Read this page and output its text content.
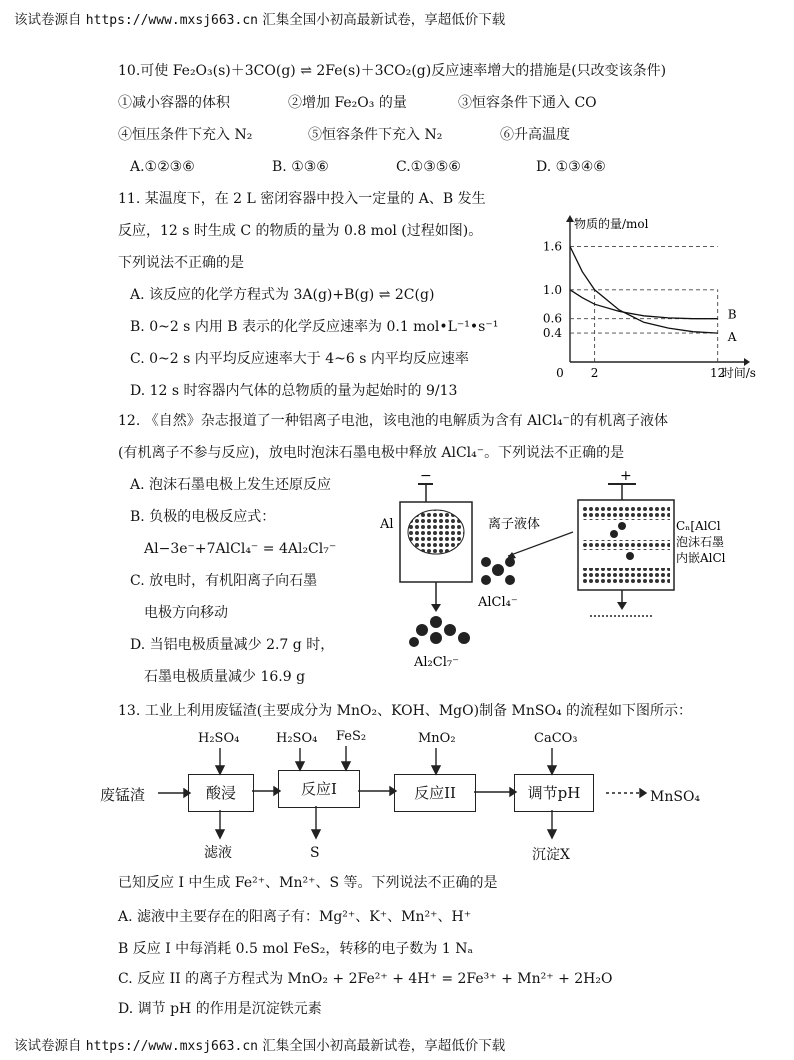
该试卷源自 https://www.mxsj663.cn 汇集全国小初高最新试卷，享超低价下载
该试卷源自 https://www.mxsj663.cn 汇集全国小初高最新试卷，享超低价下载
10.可使 Fe₂O₃(s)＋3CO(g) ⇌ 2Fe(s)＋3CO₂(g)反应速率增大的措施是(只改变该条件)
①减小容器的体积	②增加 Fe₂O₃ 的量	③恒容条件下通入 CO
④恒压条件下充入 N₂	⑤恒容条件下充入 N₂	⑥升高温度
A.①②③⑥	B. ①③⑥	C.①③⑤⑥	D. ①③④⑥
11. 某温度下，在 2 L 密闭容器中投入一定量的 A、B 发生
反应，12 s 时生成 C 的物质的量为 0.8 mol (过程如图)。
下列说法不正确的是
A. 该反应的化学方程式为 3A(g)+B(g) ⇌ 2C(g)
B. 0~2 s 内用 B 表示的化学反应速率为 0.1 mol•L⁻¹•s⁻¹
C. 0~2 s 内平均反应速率大于 4~6 s 内平均反应速率
D. 12 s 时容器内气体的总物质的量为起始时的 9/13
1.6
1.0
0.6
0.4
0 2	12
A
B
物质的量/mol
时间/s
12. 《自然》杂志报道了一种铝离子电池，该电池的电解质为含有 AlCl₄⁻的有机离子液体
(有机离子不参与反应)，放电时泡沫石墨电极中释放 AlCl₄⁻。下列说法不正确的是
A. 泡沫石墨电极上发生还原反应
B. 负极的电极反应式：
Al−3e⁻+7AlCl₄⁻ = 4Al₂Cl₇⁻
C. 放电时，有机阳离子向石墨
电极方向移动
D. 当铝电极质量减少 2.7 g 时，
石墨电极质量减少 16.9 g
−
Al
Al₂Cl₇⁻
离子液体
AlCl₄⁻
+
Cₙ[AlCl
泡沫石墨
内嵌AlCl
13. 工业上利用废锰渣(主要成分为 MnO₂、KOH、MgO)制备 MnSO₄ 的流程如下图所示：
H₂SO₄	H₂SO₄ FeS₂	MnO₂	CaCO₃
废锰渣	酸浸	反应I	反应II	调节pH	MnSO₄
滤液	S	沉淀X
已知反应 I 中生成 Fe²⁺、Mn²⁺、S 等。下列说法不正确的是
A. 滤液中主要存在的阳离子有：Mg²⁺、K⁺、Mn²⁺、H⁺
B 反应 I 中每消耗 0.5 mol FeS₂，转移的电子数为 1 Nₐ
C. 反应 II 的离子方程式为 MnO₂ + 2Fe²⁺ + 4H⁺ = 2Fe³⁺ + Mn²⁺ + 2H₂O
D. 调节 pH 的作用是沉淀铁元素
